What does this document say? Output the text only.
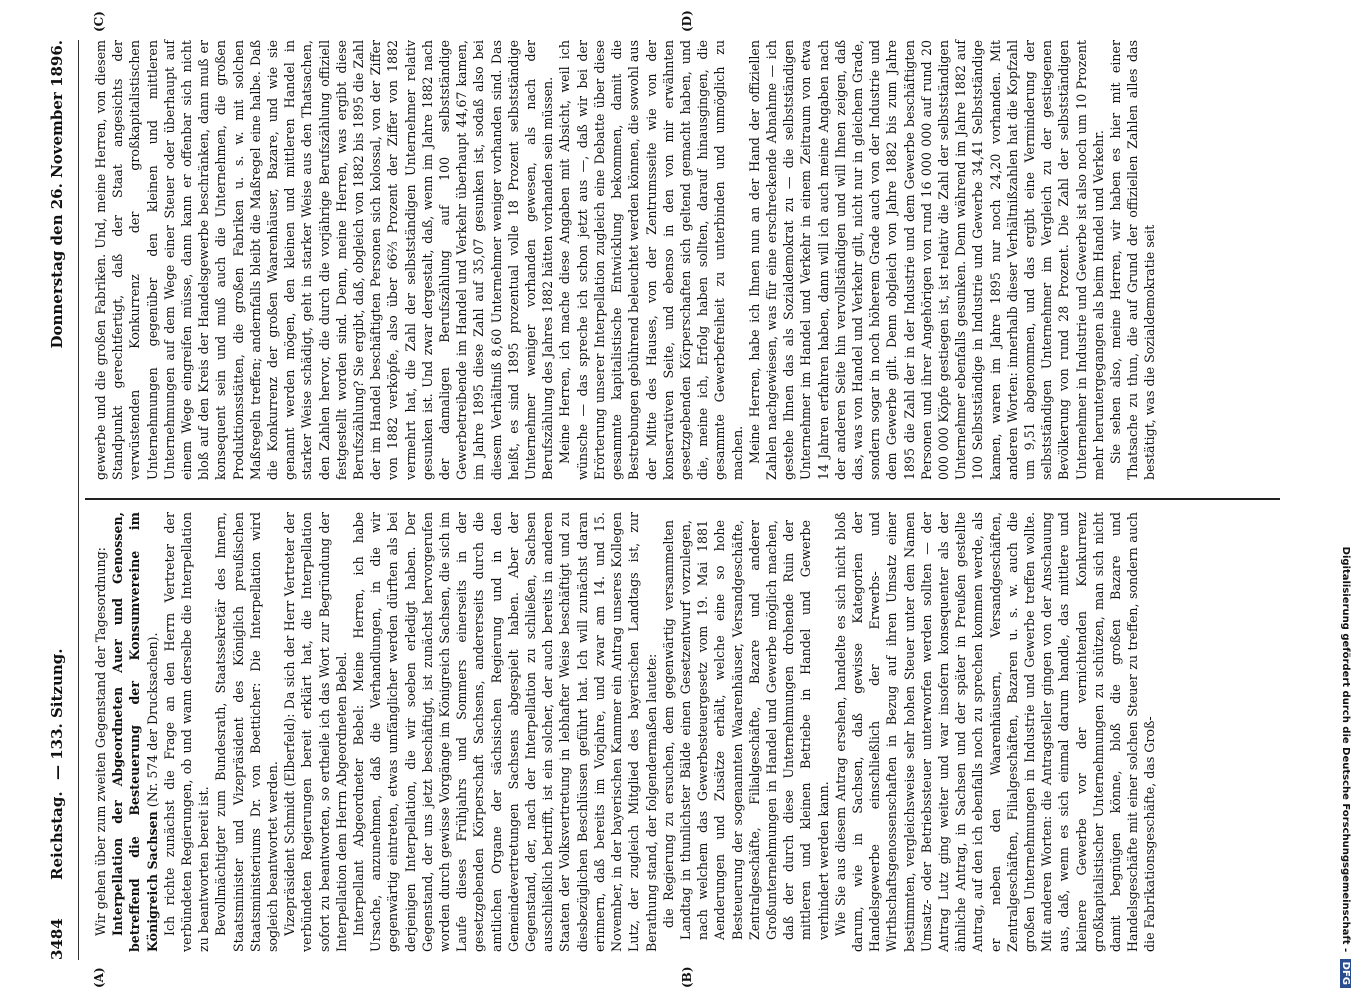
3484
Reichstag.
— 133. Sitzung.
Donnerstag den 26. November 1896.
(A)	(B)
(C)	(D)

Wir gehen über zum zweiten Gegenstand der Tagesordnung: Interpellation der Abgeordneten Auer und Genossen, betreffend die Besteuerung der Konsumvereine im Königreich Sachsen (Nr. 574 der Drucksachen). Ich richte zunächst die Frage an den Herrn Vertreter der verbündeten Regierungen, ob und wann derselbe die Interpellation zu beantworten bereit ist. Bevollmächtigter zum Bundesrath, Staatssekretär des Innern, Staatsminister und Vizepräsident des Königlich preußischen Staatsministeriums Dr. von Boetticher: Die Interpellation wird sogleich beantwortet werden. Vizepräsident Schmidt (Elberfeld): Da sich der Herr Vertreter der verbündeten Regierungen bereit erklärt hat, die Interpellation sofort zu beantworten, so ertheile ich das Wort zur Begründung der Interpellation dem Herrn Abgeordneten Bebel. Interpellant Abgeordneter Bebel: Meine Herren, ich habe Ursache, anzunehmen, daß die Verhandlungen, in die wir gegenwärtig eintreten, etwas umfänglicher werden dürften als bei derjenigen Interpellation, die wir soeben erledigt haben. Der Gegenstand, der uns jetzt beschäftigt, ist zunächst hervorgerufen worden durch gewisse Vorgänge im Königreich Sachsen, die sich im Laufe dieses Frühjahrs und Sommers einerseits in der gesetzgebenden Körperschaft Sachsens, andererseits durch die amtlichen Organe der sächsischen Regierung und in den Gemeindevertretungen Sachsens abgespielt haben. Aber der Gegenstand, der, nach der Interpellation zu schließen, Sachsen ausschließlich betrifft, ist ein solcher, der auch bereits in anderen Staaten der Volksvertretung in lebhafter Weise beschäftigt und zu diesbezüglichen Beschlüssen geführt hat. Ich will zunächst daran erinnern, daß bereits im Vorjahre, und zwar am 14. und 15. November, in der bayerischen Kammer ein Antrag unseres Kollegen Lutz, der zugleich Mitglied des bayerischen Landtags ist, zur Berathung stand, der folgendermaßen lautete: die Regierung zu ersuchen, dem gegenwärtig versammelten Landtag in thunlichster Bälde einen Gesetzentwurf vorzulegen, nach welchem das Gewerbesteuergesetz vom 19. Mai 1881 Aenderungen und Zusätze erhält, welche eine so hohe Besteuerung der sogenannten Waarenhäuser, Versandgeschäfte, Zentralgeschäfte, Filialgeschäfte, Bazare und anderer Großunternehmungen in Handel und Gewerbe möglich machen, daß der durch diese Unternehmungen drohende Ruin der mittleren und kleinen Betriebe in Handel und Gewerbe verhindert werden kann. Wie Sie aus diesem Antrag ersehen, handelte es sich nicht bloß darum, wie in Sachsen, daß gewisse Kategorien der Handelsgewerbe einschließlich der Erwerbs- und Wirthschaftsgenossenschaften in Bezug auf ihren Umsatz einer bestimmten, vergleichsweise sehr hohen Steuer unter dem Namen Umsatz- oder Betriebssteuer unterworfen werden sollten — der Antrag Lutz ging weiter und war insofern konsequenter als der ähnliche Antrag, in Sachsen und der später in Preußen gestellte Antrag, auf den ich ebenfalls noch zu sprechen kommen werde, als er neben den Waarenhäusern, Versandgeschäften, Zentralgeschäften, Filialgeschäften, Bazaren u. s. w. auch die großen Unternehmungen in Industrie und Gewerbe treffen wollte. Mit anderen Worten: die Antragsteller gingen von der Anschauung aus, daß, wenn es sich einmal darum handle, das mittlere und kleinere Gewerbe vor der vernichtenden Konkurrenz großkapitalistischer Unternehmungen zu schützen, man sich nicht damit begnügen könne, bloß die großen Bazare und Handelsgeschäfte mit einer solchen Steuer zu treffen, sondern auch die Fabrikationsgeschäfte, das Groß-

gewerbe und die großen Fabriken. Und, meine Herren, von diesem Standpunkt gerechtfertigt, daß der Staat angesichts der verwüstenden Konkurrenz der großkapitalistischen Unternehmungen gegenüber den kleinen und mittleren Unternehmungen auf dem Wege einer Steuer oder überhaupt auf einem Wege eingreifen müsse, dann kann er offenbar sich nicht bloß auf den Kreis der Handelsgewerbe beschränken, dann muß er konsequent sein und muß auch die Unternehmen, die großen Produktionsstätten, die großen Fabriken u. s. w. mit solchen Maßregeln treffen; andernfalls bleibt die Maßregel eine halbe. Daß die Konkurrenz der großen Waarenhäuser, Bazare, und wie sie genannt werden mögen, den kleinen und mittleren Handel in starker Weise schädigt, geht in starker Weise aus den Thatsachen, den Zahlen hervor, die durch die vorjährige Berufszählung offiziell festgestellt worden sind. Denn, meine Herren, was ergibt diese Berufszählung? Sie ergibt, daß, obgleich von 1882 bis 1895 die Zahl der im Handel beschäftigten Personen sich kolossal, von der Ziffer von 1882 verköpfe, also über 66⅔ Prozent der Ziffer von 1882 vermehrt hat, die Zahl der selbstständigen Unternehmer relativ gesunken ist. Und zwar dergestalt, daß, wenn im Jahre 1882 nach der damaligen Berufszählung auf 100 selbstständige Gewerbetreibende im Handel und Verkehr überhaupt 44,67 kamen, im Jahre 1895 diese Zahl auf 35,07 gesunken ist, sodaß also bei diesem Verhältniß 8,60 Unternehmer weniger vorhanden sind. Das heißt, es sind 1895 prozentual volle 18 Prozent selbstständige Unternehmer weniger vorhanden gewesen, als nach der Berufszählung des Jahres 1882 hätten vorhanden sein müssen. Meine Herren, ich mache diese Angaben mit Absicht, weil ich wünsche — das spreche ich schon jetzt aus —, daß wir bei der Erörterung unserer Interpellation zugleich eine Debatte über diese gesammte kapitalistische Entwicklung bekommen, damit die Bestrebungen gebührend beleuchtet werden können, die sowohl aus der Mitte des Hauses, von der Zentrumsseite wie von der konservativen Seite, und ebenso in den von mir erwähnten gesetzgebenden Körperschaften sich geltend gemacht haben, und die, meine ich, Erfolg haben sollten, darauf hinausgingen, die gesammte Gewerbefreiheit zu unterbinden und unmöglich zu machen. Meine Herren, habe ich Ihnen nun an der Hand der offiziellen Zahlen nachgewiesen, was für eine erschreckende Abnahme — ich gestehe Ihnen das als Sozialdemokrat zu — die selbstständigen Unternehmer im Handel und Verkehr in einem Zeitraum von etwa 14 Jahren erfahren haben, dann will ich auch meine Angaben nach der anderen Seite hin vervollständigen und will Ihnen zeigen, daß das, was von Handel und Verkehr gilt, nicht nur in gleichem Grade, sondern sogar in noch höherem Grade auch von der Industrie und dem Gewerbe gilt. Denn obgleich von Jahre 1882 bis zum Jahre 1895 die Zahl der in der Industrie und dem Gewerbe beschäftigten Personen und ihrer Angehörigen von rund 16 000 000 auf rund 20 000 000 Köpfe gestiegen ist, ist relativ die Zahl der selbstständigen Unternehmer ebenfalls gesunken. Denn während im Jahre 1882 auf 100 Selbstständige in Industrie und Gewerbe 34,41 Selbstständige kamen, waren im Jahre 1895 nur noch 24,20 vorhanden. Mit anderen Worten: innerhalb dieser Verhältnißzahlen hat die Kopfzahl um 9,51 abgenommen, und das ergibt eine Verminderung der selbstständigen Unternehmer im Vergleich zu der gestiegenen Bevölkerung von rund 28 Prozent. Die Zahl der selbstständigen Unternehmer in Industrie und Gewerbe ist also noch um 10 Prozent mehr heruntergegangen als beim Handel und Verkehr. Sie sehen also, meine Herren, wir haben es hier mit einer Thatsache zu thun, die auf Grund der offiziellen Zahlen alles das bestätigt, was die Sozialdemokratie seit

Digitalisierung gefördert durch die Deutsche Forschungsgemeinschaft - DFG
